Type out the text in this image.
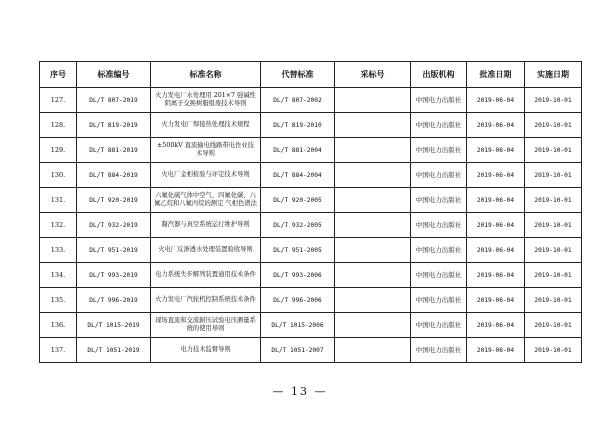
序号	标准编号	标准名称	代替标准	采标号	出版机构	批准日期	实施日期
127.	DL/T 807-2019	火力发电厂水处理用 201×7 强碱性阴离子交换树脂报废技术导则	DL/T 807-2002		中国电力出版社	2019-06-04	2019-10-01
128.	DL/T 819-2019	火力发电厂焊接热处理技术规程	DL/T 819-2010		中国电力出版社	2019-06-04	2019-10-01
129.	DL/T 881-2019	±500kV 直流输电线路带电作业技术导则	DL/T 881-2004		中国电力出版社	2019-06-04	2019-10-01
130.	DL/T 884-2019	火电厂金相检验与评定技术导则	DL/T 884-2004		中国电力出版社	2019-06-04	2019-10-01
131.	DL/T 920-2019	六氟化硫气体中空气、四氟化碳、六氟乙烷和八氟丙烷的测定 气相色谱法	DL/T 920-2005		中国电力出版社	2019-06-04	2019-10-01
132.	DL/T 932-2019	凝汽器与真空系统运行维护导则	DL/T 932-2005		中国电力出版社	2019-06-04	2019-10-01
133.	DL/T 951-2019	火电厂反渗透水处理装置验收导则	DL/T 951-2005		中国电力出版社	2019-06-04	2019-10-01
134.	DL/T 993-2019	电力系统失步解列装置通用技术条件	DL/T 993-2006		中国电力出版社	2019-06-04	2019-10-01
135.	DL/T 996-2019	火力发电厂汽轮机控制系统技术条件	DL/T 996-2006		中国电力出版社	2019-06-04	2019-10-01
136.	DL/T 1015-2019	现场直流和交流耐压试验电压测量系统的使用导则	DL/T 1015-2006		中国电力出版社	2019-06-04	2019-10-01
137.	DL/T 1051-2019	电力技术监督导则	DL/T 1051-2007		中国电力出版社	2019-06-04	2019-10-01
— 13 —
